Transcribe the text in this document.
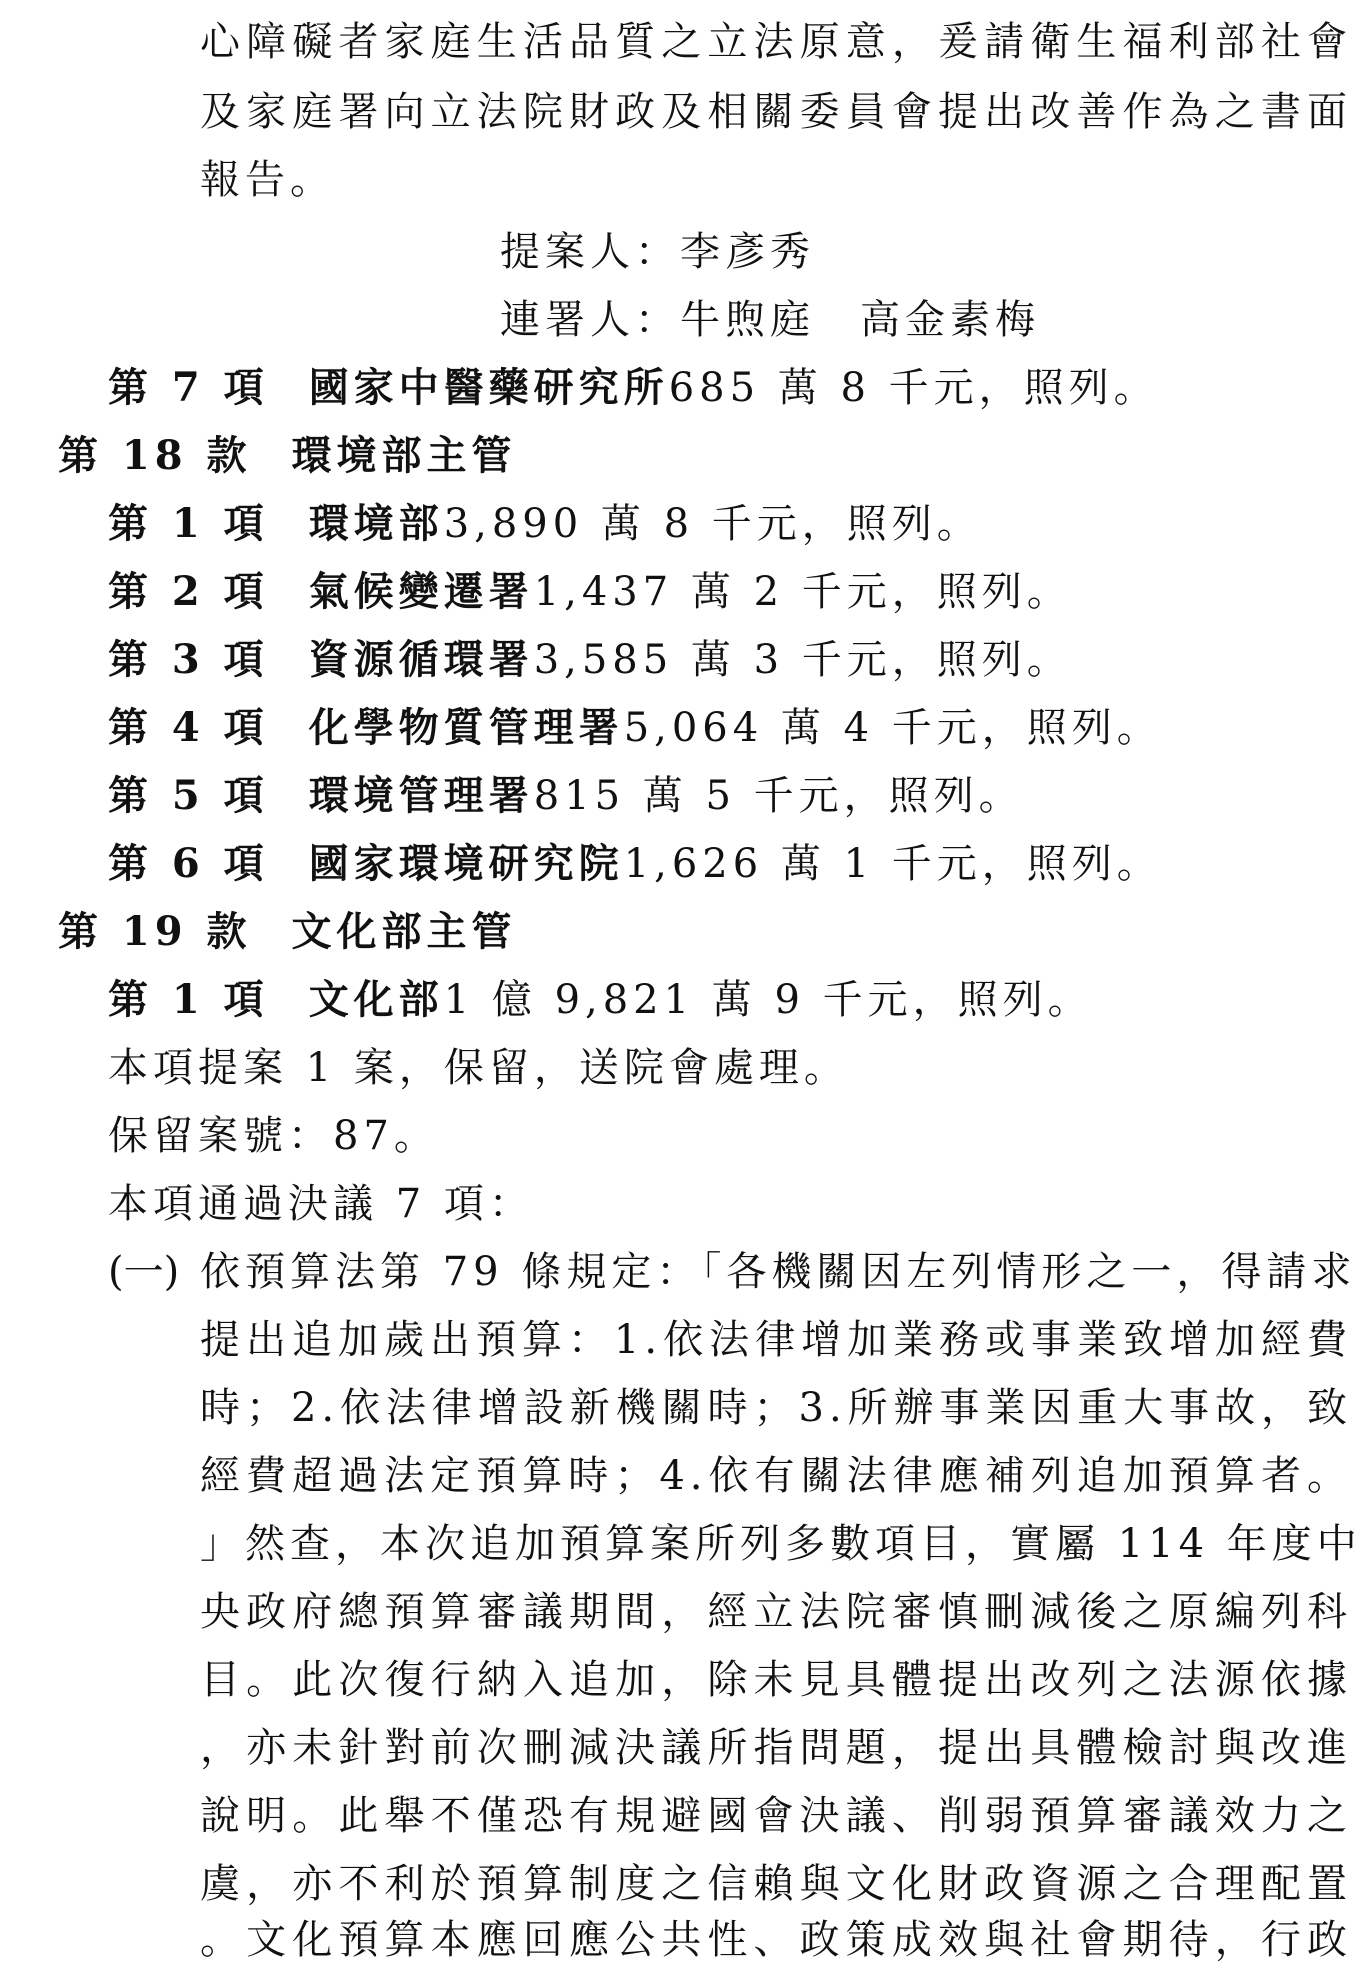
心障礙者家庭生活品質之立法原意，爰請衛生福利部社會
及家庭署向立法院財政及相關委員會提出改善作為之書面
報告。
提案人：李彥秀
連署人：牛煦庭　高金素梅
第 7 項 國家中醫藥研究所685 萬 8 千元，照列。
第 18 款 環境部主管
第 1 項 環境部3,890 萬 8 千元，照列。
第 2 項 氣候變遷署1,437 萬 2 千元，照列。
第 3 項 資源循環署3,585 萬 3 千元，照列。
第 4 項 化學物質管理署5,064 萬 4 千元，照列。
第 5 項 環境管理署815 萬 5 千元，照列。
第 6 項 國家環境研究院1,626 萬 1 千元，照列。
第 19 款 文化部主管
第 1 項 文化部1 億 9,821 萬 9 千元，照列。
本項提案 1 案，保留，送院會處理。
保留案號：87。
本項通過決議 7 項：
(一) 依預算法第 79 條規定：「各機關因左列情形之一，得請求
提出追加歲出預算：1.依法律增加業務或事業致增加經費
時；2.依法律增設新機關時；3.所辦事業因重大事故，致
經費超過法定預算時；4.依有關法律應補列追加預算者。
」然查，本次追加預算案所列多數項目，實屬 114 年度中
央政府總預算審議期間，經立法院審慎刪減後之原編列科
目。此次復行納入追加，除未見具體提出改列之法源依據
，亦未針對前次刪減決議所指問題，提出具體檢討與改進
說明。此舉不僅恐有規避國會決議、削弱預算審議效力之
虞，亦不利於預算制度之信賴與文化財政資源之合理配置
。文化預算本應回應公共性、政策成效與社會期待，行政
